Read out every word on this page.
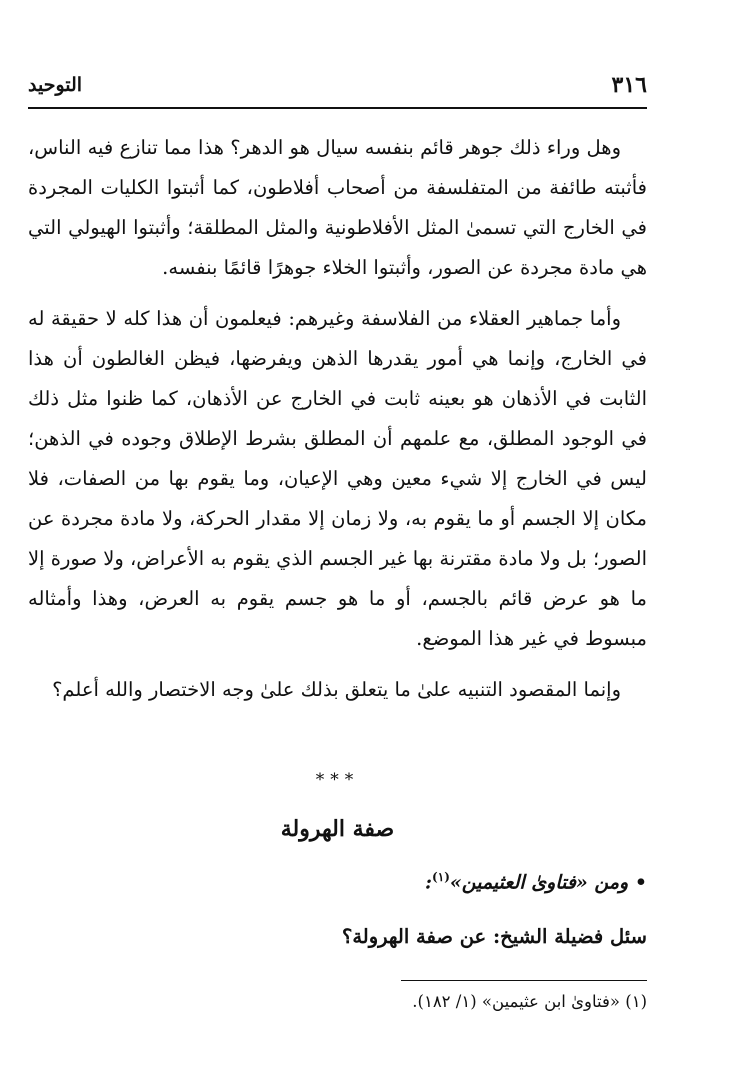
٣١٦
التوحيد

وهل وراء ذلك جوهر قائم بنفسه سيال هو الدهر؟ هذا مما تنازع فيه الناس، فأثبته طائفة من المتفلسفة من أصحاب أفلاطون، كما أثبتوا الكليات المجردة في الخارج التي تسمىٰ المثل الأفلاطونية والمثل المطلقة؛ وأثبتوا الهيولي التي هي مادة مجردة عن الصور، وأثبتوا الخلاء جوهرًا قائمًا بنفسه.

وأما جماهير العقلاء من الفلاسفة وغيرهم: فيعلمون أن هذا كله لا حقيقة له في الخارج، وإنما هي أمور يقدرها الذهن ويفرضها، فيظن الغالطون أن هذا الثابت في الأذهان هو بعينه ثابت في الخارج عن الأذهان، كما ظنوا مثل ذلك في الوجود المطلق، مع علمهم أن المطلق بشرط الإطلاق وجوده في الذهن؛ ليس في الخارج إلا شيء معين وهي الإعيان، وما يقوم بها من الصفات، فلا مكان إلا الجسم أو ما يقوم به، ولا زمان إلا مقدار الحركة، ولا مادة مجردة عن الصور؛ بل ولا مادة مقترنة بها غير الجسم الذي يقوم به الأعراض، ولا صورة إلا ما هو عرض قائم بالجسم، أو ما هو جسم يقوم به العرض، وهذا وأمثاله مبسوط في غير هذا الموضع.

وإنما المقصود التنبيه علىٰ ما يتعلق بذلك علىٰ وجه الاختصار والله أعلم؟

***
صفة الهرولة
• ومن «فتاوىٰ العثيمين»$^{(١)}$:
سئل فضيلة الشيخ: عن صفة الهرولة؟
(١) «فتاوىٰ ابن عثيمين» (١/ ١٨٢).
